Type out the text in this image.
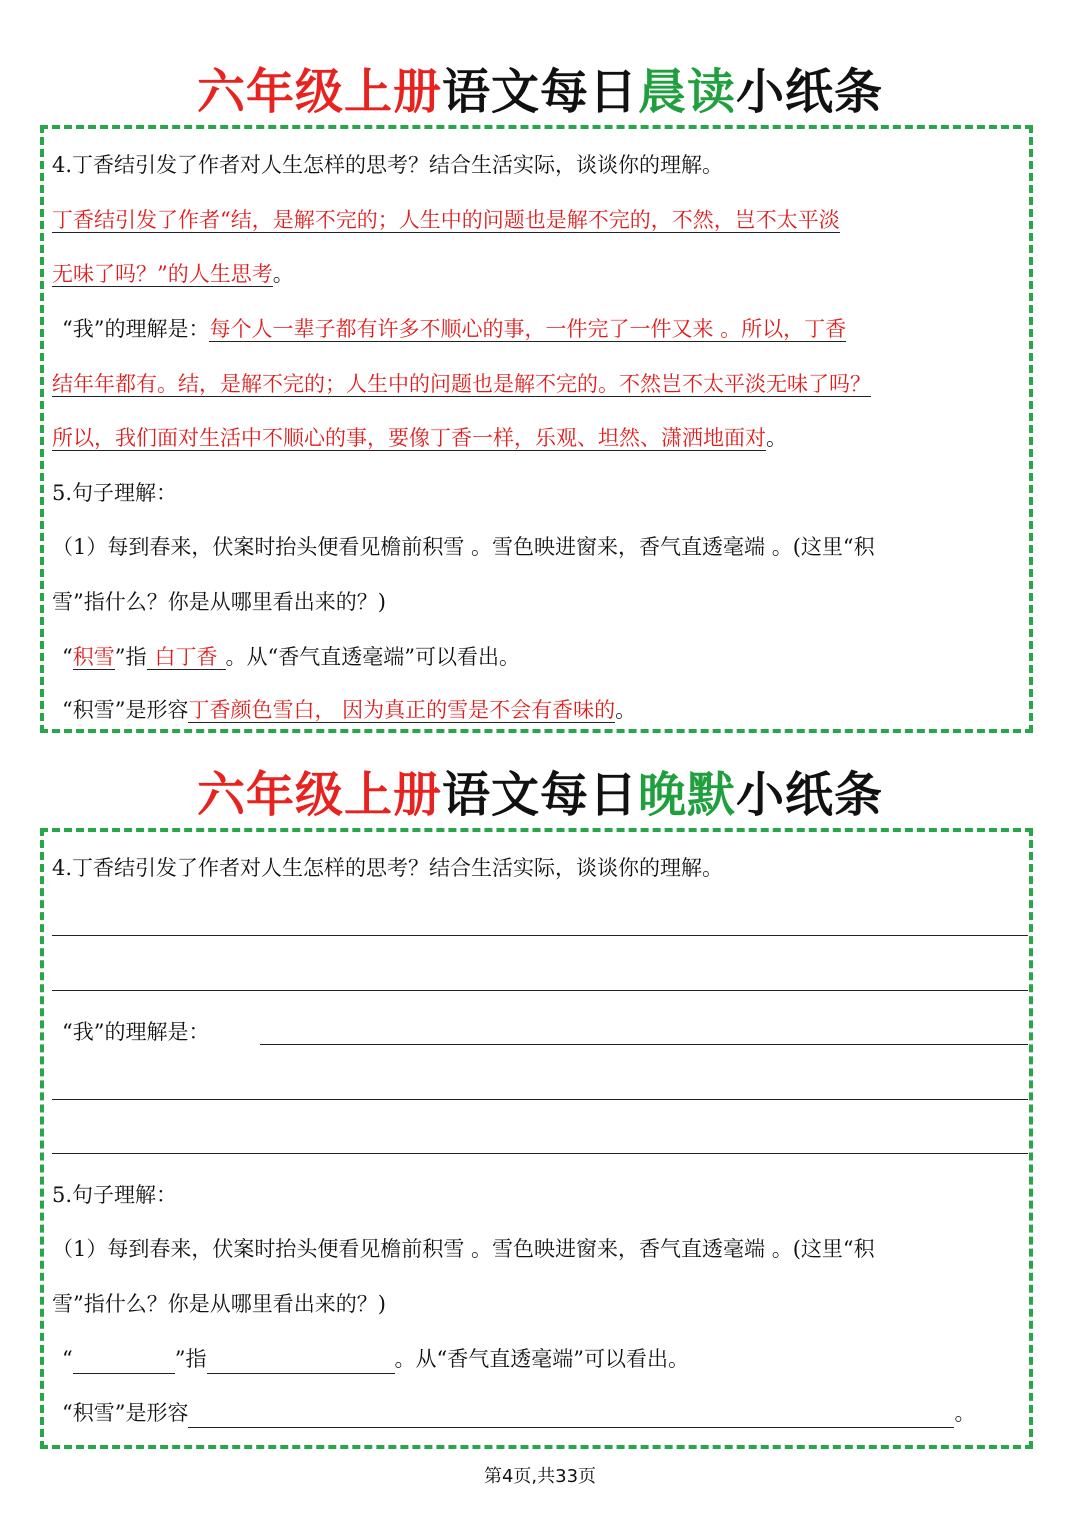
六年级上册语文每日晨读小纸条
4.丁香结引发了作者对人生怎样的思考？结合生活实际，谈谈你的理解。
丁香结引发了作者“结，是解不完的；人生中的问题也是解不完的，不然，岂不太平淡
无味了吗？”的人生思考。
“我”的理解是：每个人一辈子都有许多不顺心的事，一件完了一件又来 。所以，丁香
结年年都有。结，是解不完的；人生中的问题也是解不完的。不然岂不太平淡无味了吗？
所以，我们面对生活中不顺心的事，要像丁香一样，乐观、坦然、潇洒地面对。
5.句子理解：
（1）每到春来，伏案时抬头便看见檐前积雪 。雪色映进窗来，香气直透毫端 。(这里“积
雪”指什么？你是从哪里看出来的？)
“积雪”指 白丁香 。从“香气直透毫端”可以看出。
“积雪”是形容丁香颜色雪白， 因为真正的雪是不会有香味的。
六年级上册语文每日晚默小纸条
4.丁香结引发了作者对人生怎样的思考？结合生活实际，谈谈你的理解。
“我”的理解是：
5.句子理解：
（1）每到春来，伏案时抬头便看见檐前积雪 。雪色映进窗来，香气直透毫端 。(这里“积
雪”指什么？你是从哪里看出来的？)
“	”指	。从“香气直透毫端”可以看出。
“积雪”是形容	。
第4页,共33页
